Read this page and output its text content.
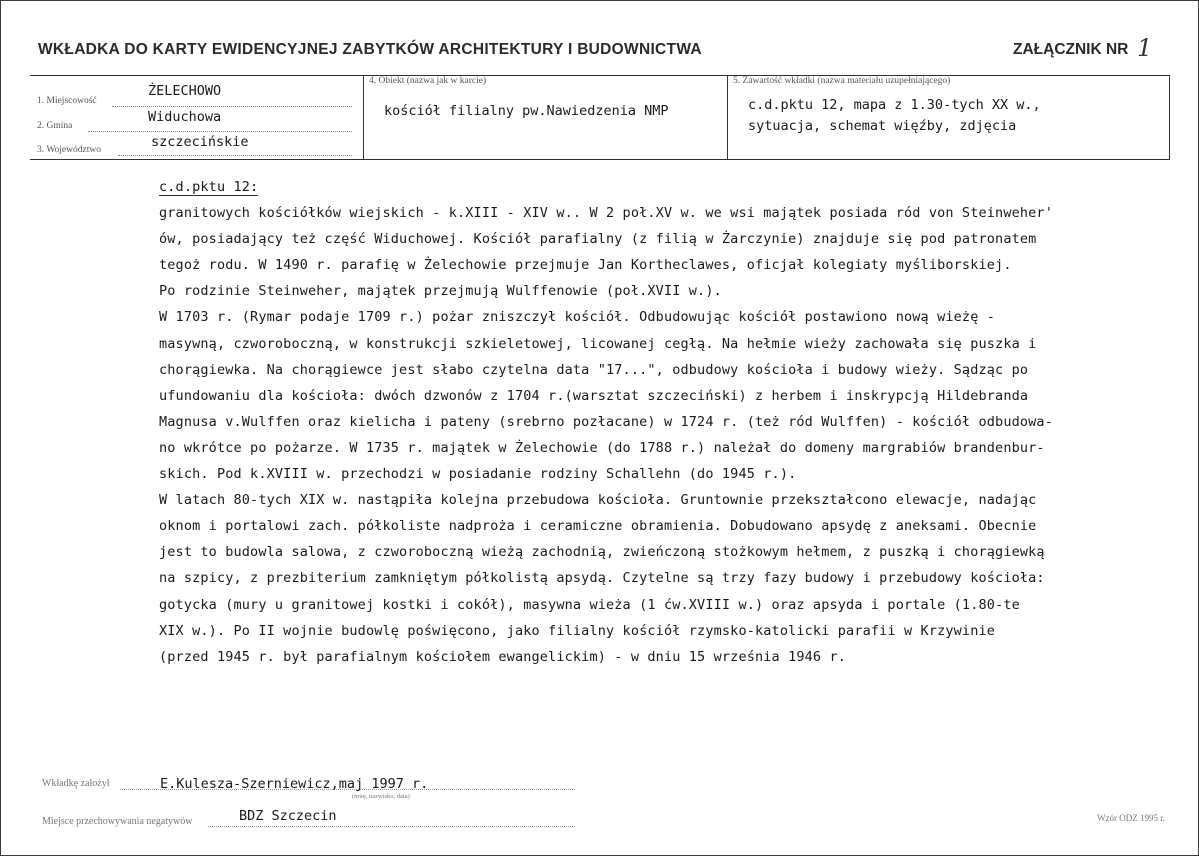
WKŁADKA DO KARTY EWIDENCYJNEJ ZABYTKÓW ARCHITEKTURY I BUDOWNICTWA	ZAŁĄCZNIK NR 1
1. Miejscowość
ŻELECHOWO
2. Gmina
Widuchowa
3. Województwo	szczecińskie
4. Obiekt (nazwa jak w karcie)
kościół filialny pw.Nawiedzenia NMP
5. Zawartość wkładki (nazwa materiału uzupełniającego)
c.d.pktu 12, mapa z 1.30-tych XX w.,
sytuacja, schemat więźby, zdjęcia
c.d.pktu 12:
granitowych kościółków wiejskich - k.XIII - XIV w.. W 2 poł.XV w. we wsi majątek posiada ród von Steinweher'
ów, posiadający też część Widuchowej. Kościół parafialny (z filią w Żarczynie) znajduje się pod patronatem
tegoż rodu. W 1490 r. parafię w Żelechowie przejmuje Jan Kortheclawes, oficjał kolegiaty myśliborskiej.
Po rodzinie Steinweher, majątek przejmują Wulffenowie (poł.XVII w.).
W 1703 r. (Rymar podaje 1709 r.) pożar zniszczył kościół. Odbudowując kościół postawiono nową wieżę -
masywną, czworoboczną, w konstrukcji szkieletowej, licowanej cegłą. Na hełmie wieży zachowała się puszka i
chorągiewka. Na chorągiewce jest słabo czytelna data "17...", odbudowy kościoła i budowy wieży. Sądząc po
ufundowaniu dla kościoła: dwóch dzwonów z 1704 r.(warsztat szczeciński) z herbem i inskrypcją Hildebranda
Magnusa v.Wulffen oraz kielicha i pateny (srebrno pozłacane) w 1724 r. (też ród Wulffen) - kościół odbudowa-
no wkrótce po pożarze. W 1735 r. majątek w Żelechowie (do 1788 r.) należał do domeny margrabiów brandenbur-
skich. Pod k.XVIII w. przechodzi w posiadanie rodziny Schallehn (do 1945 r.).
W latach 80-tych XIX w. nastąpiła kolejna przebudowa kościoła. Gruntownie przekształcono elewacje, nadając
oknom i portalowi zach. półkoliste nadproża i ceramiczne obramienia. Dobudowano apsydę z aneksami. Obecnie
jest to budowla salowa, z czworoboczną wieżą zachodnią, zwieńczoną stożkowym hełmem, z puszką i chorągiewką
na szpicy, z prezbiterium zamkniętym półkolistą apsydą. Czytelne są trzy fazy budowy i przebudowy kościoła:
gotycka (mury u granitowej kostki i cokół), masywna wieża (1 ćw.XVIII w.) oraz apsyda i portale (1.80-te
XIX w.). Po II wojnie budowlę poświęcono, jako filialny kościół rzymsko-katolicki parafii w Krzywinie
(przed 1945 r. był parafialnym kościołem ewangelickim) - w dniu 15 września 1946 r.
Wkładkę założył	E.Kulesza-Szerniewicz,maj 1997 r.
(imię, nazwisko, data)
Miejsce przechowywania negatywów	BDZ Szczecin	Wzór ODZ 1995 r.
